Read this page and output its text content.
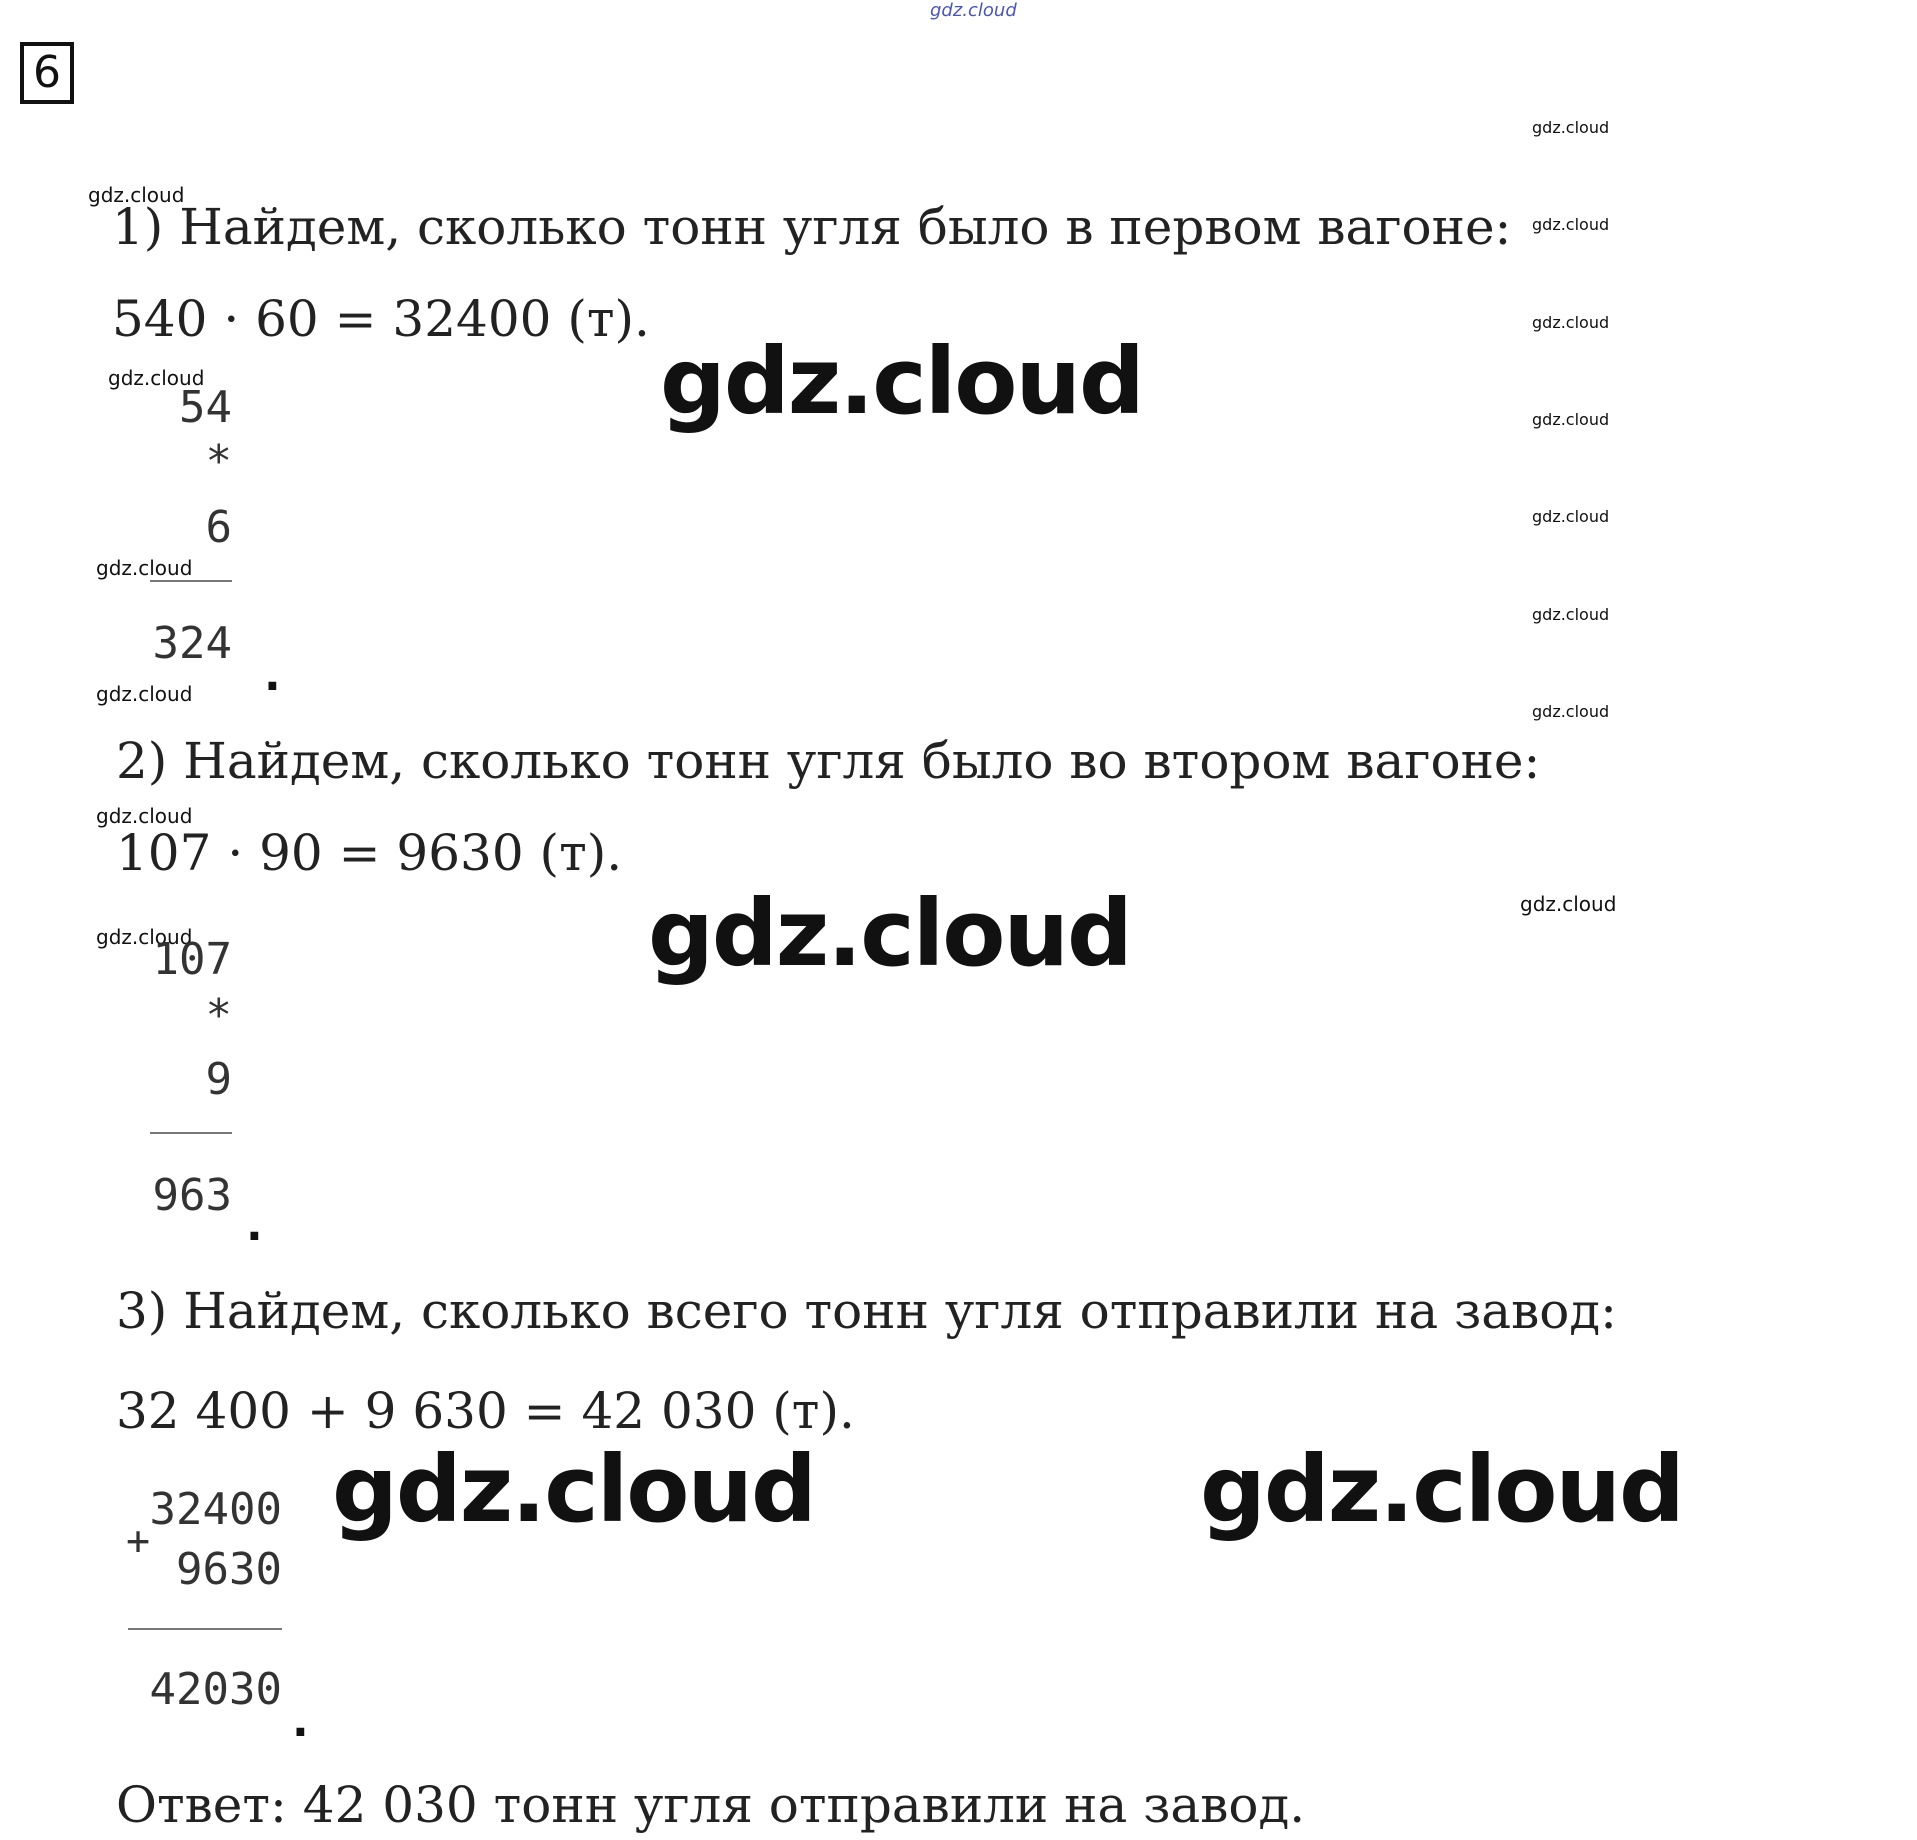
gdz.cloud
6
gdz.cloud
gdz.cloud
gdz.cloud
gdz.cloud
gdz.cloud
gdz.cloud
gdz.cloud
gdz.cloud
gdz.cloud
gdz.cloud
gdz.cloud
gdz.cloud
gdz.cloud
gdz.cloud
gdz.cloud
gdz.cloud
gdz.cloud	gdz.cloud
1) Найдем, сколько тонн угля было в первом вагоне:
540 · 60 = 32400 (т).
54
*
6
324
.
2) Найдем, сколько тонн угля было во втором вагоне:
107 · 90 = 9630 (т).
107
*
9
963
.
3) Найдем, сколько всего тонн угля отправили на завод:
32 400 + 9 630 = 42 030 (т).
32400
+
9630
42030
.
Ответ: 42 030 тонн угля отправили на завод.
